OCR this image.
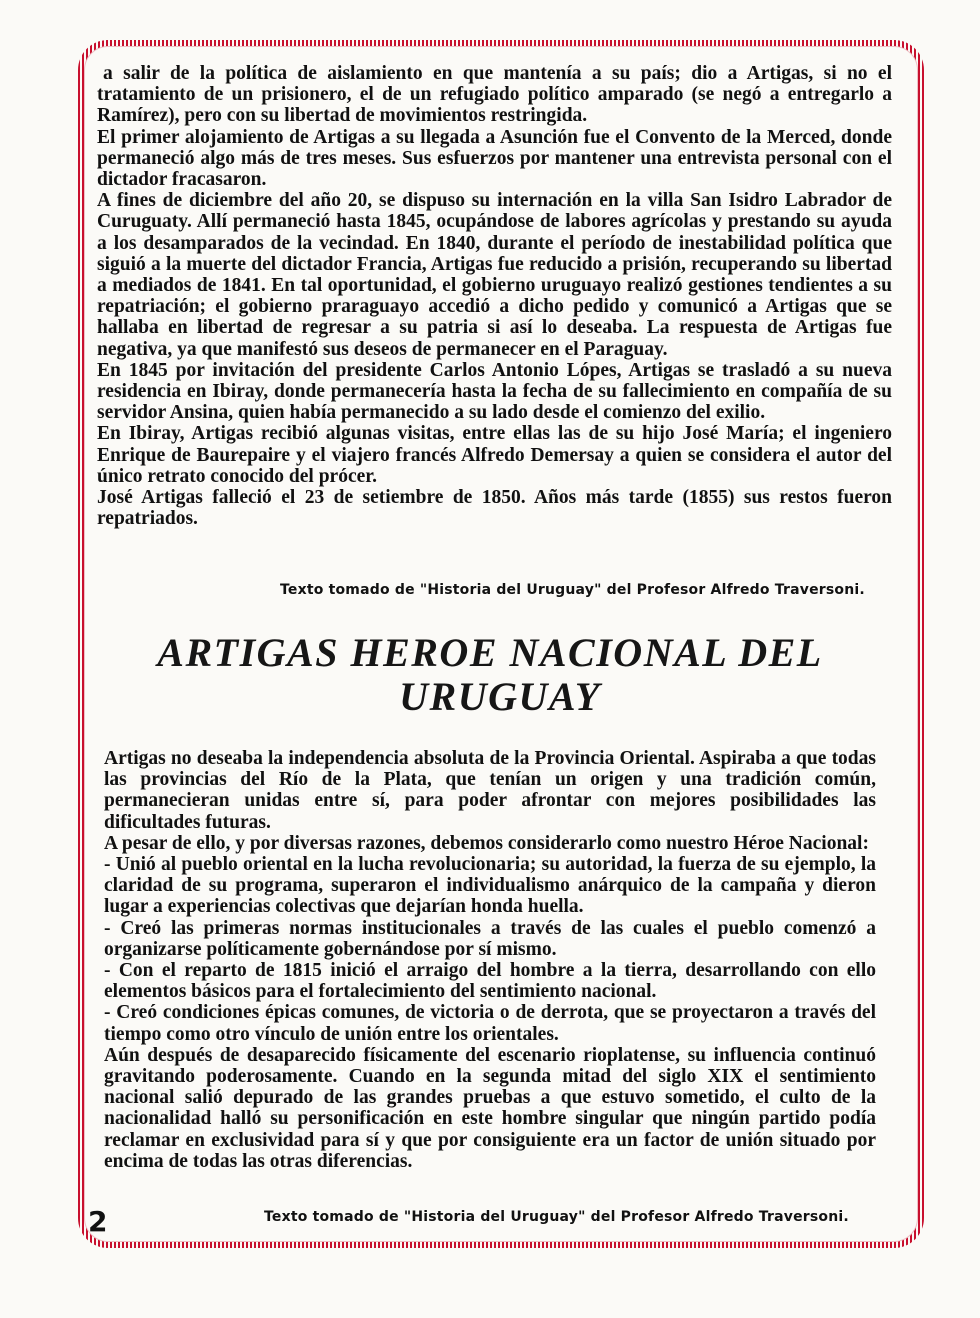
a salir de la política de aislamiento en que mantenía a su país; dio a Artigas, si no el tratamiento de un prisionero, el de un refugiado político amparado (se negó a entregarlo a Ramírez), pero con su libertad de movimientos restringida.

El primer alojamiento de Artigas a su llegada a Asunción fue el Convento de la Merced, donde permaneció algo más de tres meses. Sus esfuerzos por mantener una entrevista personal con el dictador fracasaron.

A fines de diciembre del año 20, se dispuso su internación en la villa San Isidro Labrador de Curuguaty. Allí permaneció hasta 1845, ocupándose de labores agrícolas y prestando su ayuda a los desamparados de la vecindad. En 1840, durante el período de inestabilidad política que siguió a la muerte del dictador Francia, Artigas fue reducido a prisión, recuperando su libertad a mediados de 1841. En tal oportunidad, el gobierno uruguayo realizó gestiones tendientes a su repatriación; el gobierno praraguayo accedió a dicho pedido y comunicó a Artigas que se hallaba en libertad de regresar a su patria si así lo deseaba. La respuesta de Artigas fue negativa, ya que manifestó sus deseos de permanecer en el Paraguay.

En 1845 por invitación del presidente Carlos Antonio Lópes, Artigas se trasladó a su nueva residencia en Ibiray, donde permanecería hasta la fecha de su fallecimiento en compañía de su servidor Ansina, quien había permanecido a su lado desde el comienzo del exilio.

En Ibiray, Artigas recibió algunas visitas, entre ellas las de su hijo José María; el ingeniero Enrique de Baurepaire y el viajero francés Alfredo Demersay a quien se considera el autor del único retrato conocido del prócer.

José Artigas falleció el 23 de setiembre de 1850. Años más tarde (1855) sus restos fueron repatriados.

Texto tomado de "Historia del Uruguay" del Profesor Alfredo Traversoni.
ARTIGAS HEROE NACIONAL DEL
URUGUAY

Artigas no deseaba la independencia absoluta de la Provincia Oriental. Aspiraba a que todas las provincias del Río de la Plata, que tenían un origen y una tradición común, permanecieran unidas entre sí, para poder afrontar con mejores posibilidades las dificultades futuras.

A pesar de ello, y por diversas razones, debemos considerarlo como nuestro Héroe Nacional:

- Unió al pueblo oriental en la lucha revolucionaria; su autoridad, la fuerza de su ejemplo, la claridad de su programa, superaron el individualismo anárquico de la campaña y dieron lugar a experiencias colectivas que dejarían honda huella.

- Creó las primeras normas institucionales a través de las cuales el pueblo comenzó a organizarse políticamente gobernándose por sí mismo.

- Con el reparto de 1815 inició el arraigo del hombre a la tierra, desarrollando con ello elementos básicos para el fortalecimiento del sentimiento nacional.

- Creó condiciones épicas comunes, de victoria o de derrota, que se proyectaron a través del tiempo como otro vínculo de unión entre los orientales.

Aún después de desaparecido físicamente del escenario rioplatense, su influencia continuó gravitando poderosamente. Cuando en la segunda mitad del siglo XIX el sentimiento nacional salió depurado de las grandes pruebas a que estuvo sometido, el culto de la nacionalidad halló su personificación en este hombre singular que ningún partido podía reclamar en exclusividad para sí y que por consiguiente era un factor de unión situado por encima de todas las otras diferencias.

2	Texto tomado de "Historia del Uruguay" del Profesor Alfredo Traversoni.
